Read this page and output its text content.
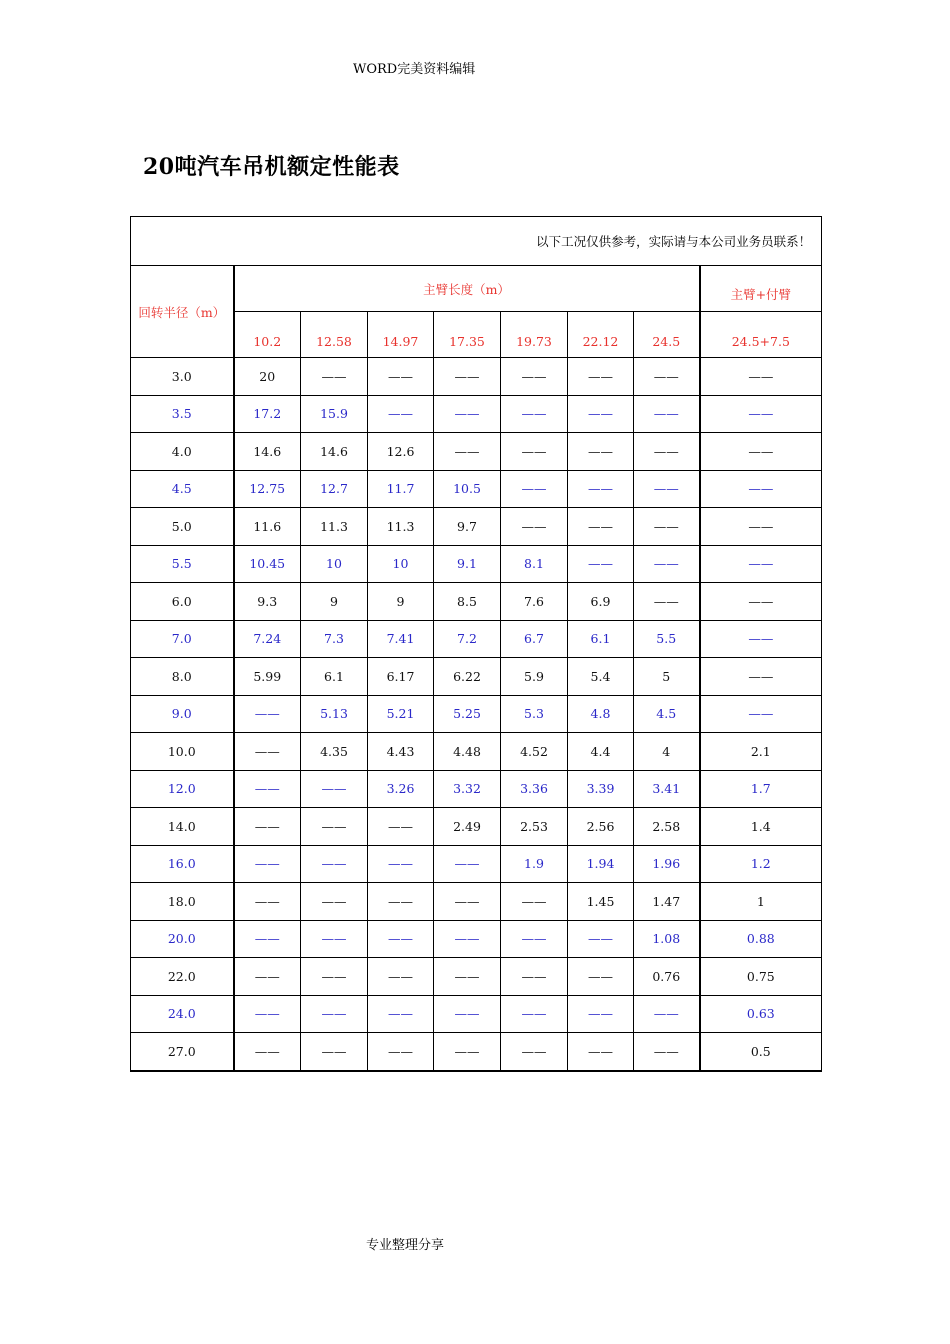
WORD完美资料编辑
20吨汽车吊机额定性能表
以下工况仅供参考，实际请与本公司业务员联系！								
回转半径（m）	主臂长度（m）							主臂+付臂
	10.2	12.58	14.97	17.35	19.73	22.12	24.5	24.5+7.5
3.0	20	——	——	——	——	——	——	——
3.5	17.2	15.9	——	——	——	——	——	——
4.0	14.6	14.6	12.6	——	——	——	——	——
4.5	12.75	12.7	11.7	10.5	——	——	——	——
5.0	11.6	11.3	11.3	9.7	——	——	——	——
5.5	10.45	10	10	9.1	8.1	——	——	——
6.0	9.3	9	9	8.5	7.6	6.9	——	——
7.0	7.24	7.3	7.41	7.2	6.7	6.1	5.5	——
8.0	5.99	6.1	6.17	6.22	5.9	5.4	5	——
9.0	——	5.13	5.21	5.25	5.3	4.8	4.5	——
10.0	——	4.35	4.43	4.48	4.52	4.4	4	2.1
12.0	——	——	3.26	3.32	3.36	3.39	3.41	1.7
14.0	——	——	——	2.49	2.53	2.56	2.58	1.4
16.0	——	——	——	——	1.9	1.94	1.96	1.2
18.0	——	——	——	——	——	1.45	1.47	1
20.0	——	——	——	——	——	——	1.08	0.88
22.0	——	——	——	——	——	——	0.76	0.75
24.0	——	——	——	——	——	——	——	0.63
27.0	——	——	——	——	——	——	——	0.5
专业整理分享
